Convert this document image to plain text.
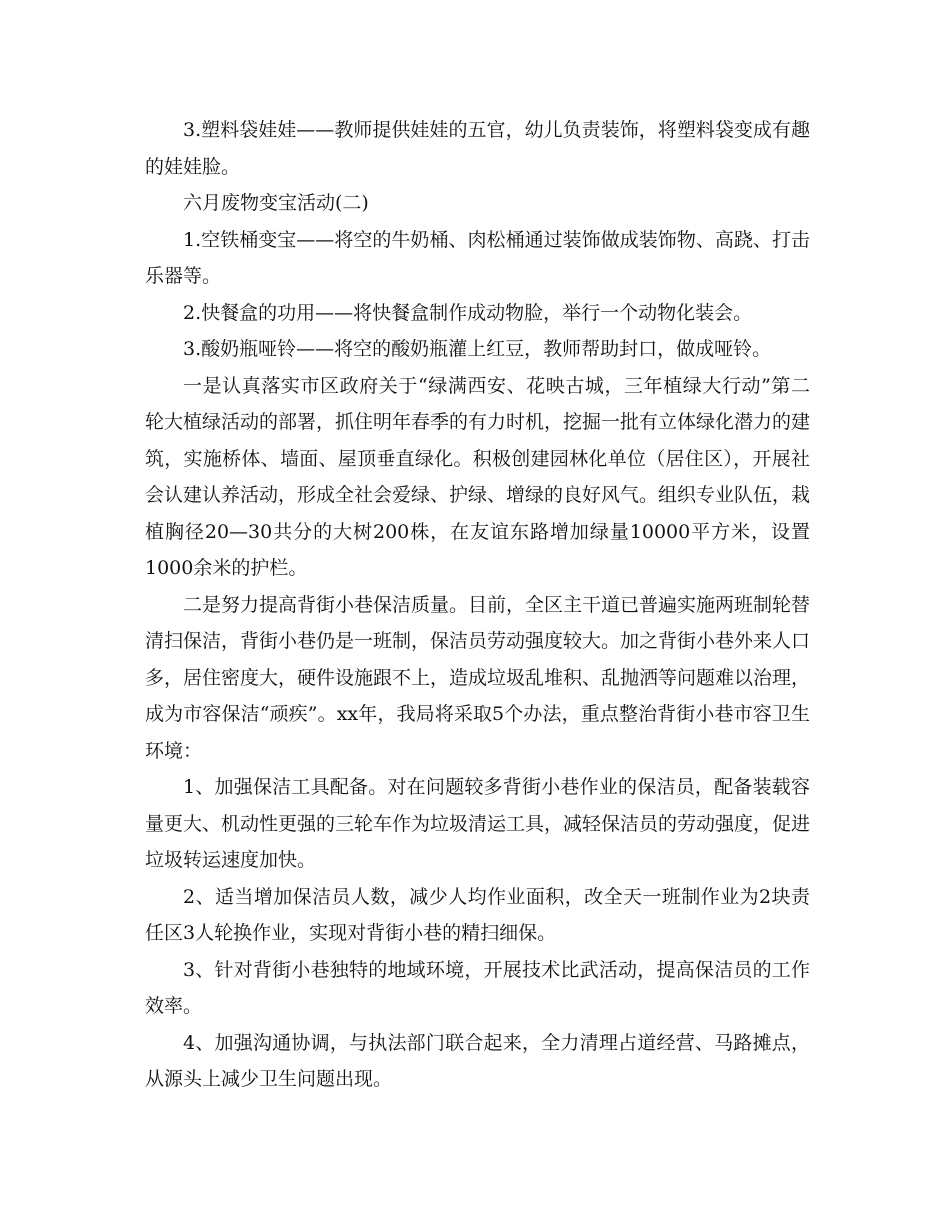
3.塑料袋娃娃——教师提供娃娃的五官，幼儿负责装饰，将塑料袋变成有趣的娃娃脸。

六月废物变宝活动(二)

1.空铁桶变宝——将空的牛奶桶、肉松桶通过装饰做成装饰物、高跷、打击乐器等。

2.快餐盒的功用——将快餐盒制作成动物脸，举行一个动物化装会。

3.酸奶瓶哑铃——将空的酸奶瓶灌上红豆，教师帮助封口，做成哑铃。

一是认真落实市区政府关于“绿满西安、花映古城，三年植绿大行动”第二轮大植绿活动的部署，抓住明年春季的有力时机，挖掘一批有立体绿化潜力的建筑，实施桥体、墙面、屋顶垂直绿化。积极创建园林化单位（居住区），开展社会认建认养活动，形成全社会爱绿、护绿、增绿的良好风气。组织专业队伍，栽植胸径20—30共分的大树200株，在友谊东路增加绿量10000平方米，设置1000余米的护栏。

二是努力提高背街小巷保洁质量。目前，全区主干道已普遍实施两班制轮替清扫保洁，背街小巷仍是一班制，保洁员劳动强度较大。加之背街小巷外来人口多，居住密度大，硬件设施跟不上，造成垃圾乱堆积、乱抛洒等问题难以治理，成为市容保洁“顽疾”。xx年，我局将采取5个办法，重点整治背街小巷市容卫生环境：

1、加强保洁工具配备。对在问题较多背街小巷作业的保洁员，配备装载容量更大、机动性更强的三轮车作为垃圾清运工具，减轻保洁员的劳动强度，促进垃圾转运速度加快。

2、适当增加保洁员人数，减少人均作业面积，改全天一班制作业为2块责任区3人轮换作业，实现对背街小巷的精扫细保。

3、针对背街小巷独特的地域环境，开展技术比武活动，提高保洁员的工作效率。

4、加强沟通协调，与执法部门联合起来，全力清理占道经营、马路摊点，从源头上减少卫生问题出现。
